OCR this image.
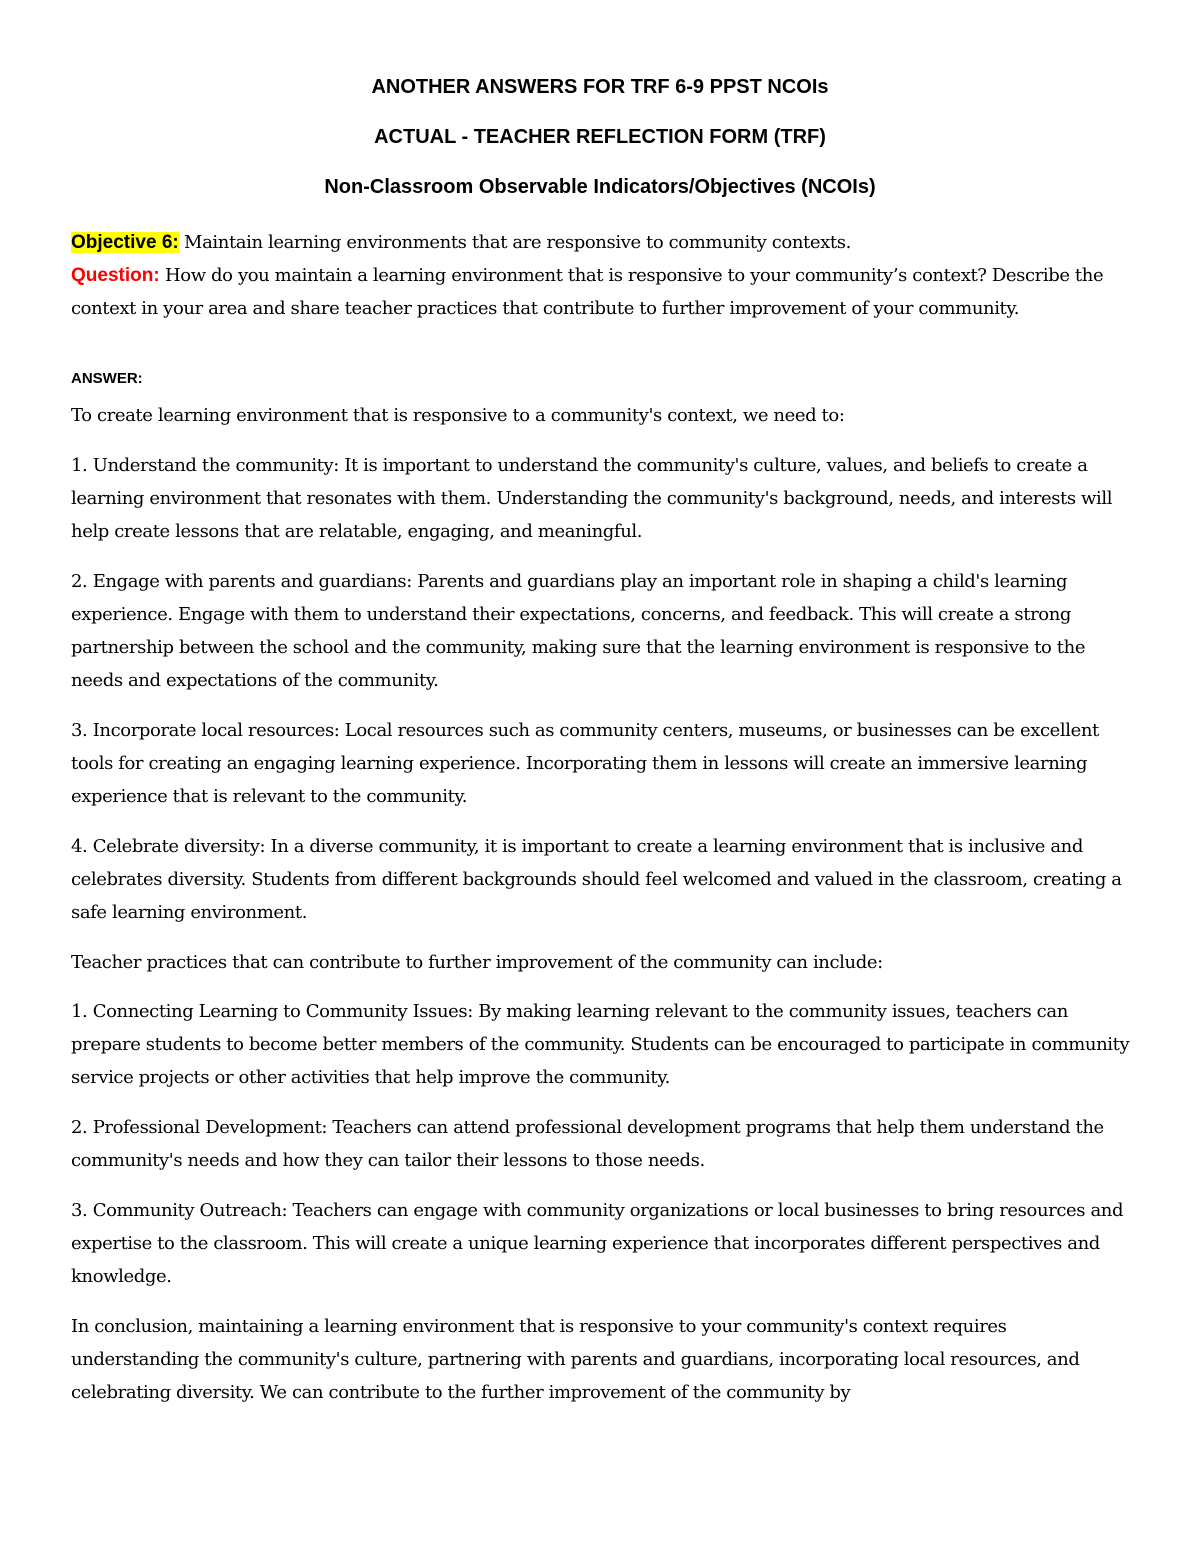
ANOTHER ANSWERS FOR TRF 6-9 PPST NCOIs
ACTUAL - TEACHER REFLECTION FORM (TRF)
Non-Classroom Observable Indicators/Objectives (NCOIs)

Objective 6: Maintain learning environments that are responsive to community contexts.

Question: How do you maintain a learning environment that is responsive to your community’s context? Describe the context in your area and share teacher practices that contribute to further improvement of your community.

ANSWER:

To create learning environment that is responsive to a community's context, we need to:

1. Understand the community: It is important to understand the community's culture, values, and beliefs to create a learning environment that resonates with them. Understanding the community's background, needs, and interests will help create lessons that are relatable, engaging, and meaningful.

2. Engage with parents and guardians: Parents and guardians play an important role in shaping a child's learning experience. Engage with them to understand their expectations, concerns, and feedback. This will create a strong partnership between the school and the community, making sure that the learning environment is responsive to the needs and expectations of the community.

3. Incorporate local resources: Local resources such as community centers, museums, or businesses can be excellent tools for creating an engaging learning experience. Incorporating them in lessons will create an immersive learning experience that is relevant to the community.

4. Celebrate diversity: In a diverse community, it is important to create a learning environment that is inclusive and celebrates diversity. Students from different backgrounds should feel welcomed and valued in the classroom, creating a safe learning environment.

Teacher practices that can contribute to further improvement of the community can include:

1. Connecting Learning to Community Issues: By making learning relevant to the community issues, teachers can prepare students to become better members of the community. Students can be encouraged to participate in community service projects or other activities that help improve the community.

2. Professional Development: Teachers can attend professional development programs that help them understand the community's needs and how they can tailor their lessons to those needs.

3. Community Outreach: Teachers can engage with community organizations or local businesses to bring resources and expertise to the classroom. This will create a unique learning experience that incorporates different perspectives and knowledge.

In conclusion, maintaining a learning environment that is responsive to your community's context requires understanding the community's culture, partnering with parents and guardians, incorporating local resources, and celebrating diversity. We can contribute to the further improvement of the community by
